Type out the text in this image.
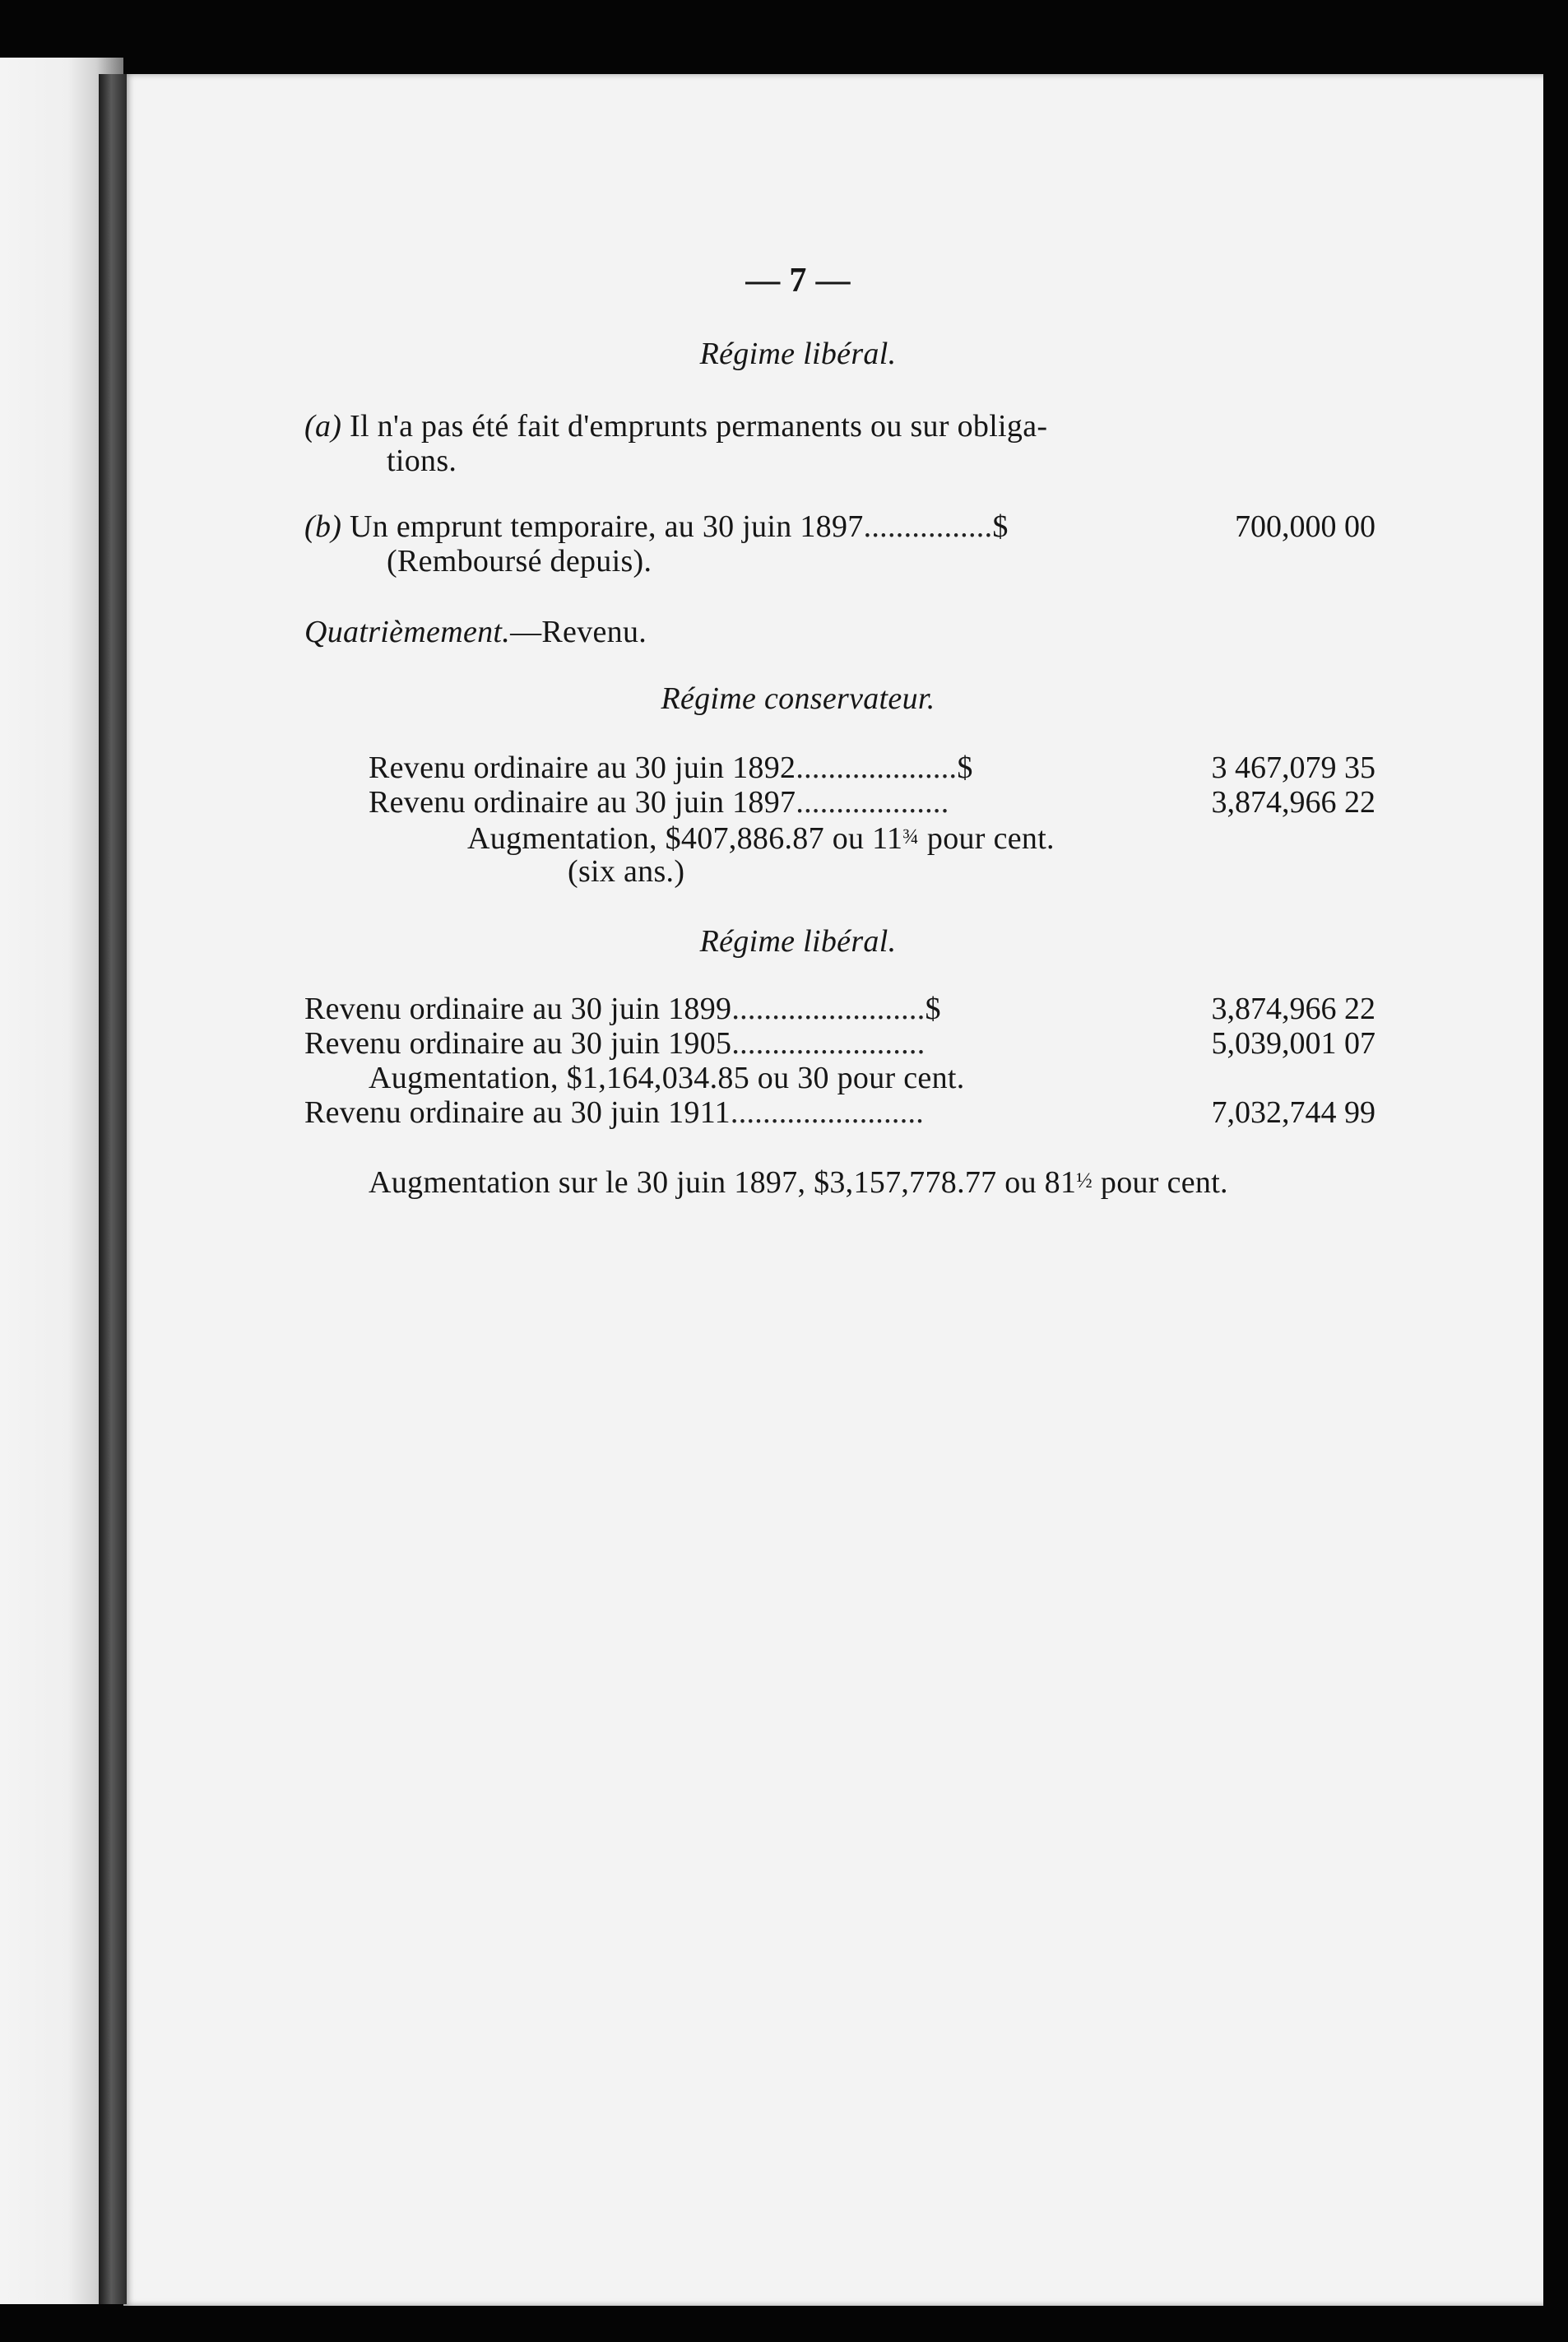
— 7 —
Régime libéral.
(a) Il n'a pas été fait d'emprunts permanents ou sur obliga-
tions.
(b) Un emprunt temporaire, au 30 juin 1897................$	700,000 00
(Remboursé depuis).
Quatrièmement.—Revenu.
Régime conservateur.
Revenu ordinaire au 30 juin 1892....................$	3 467,079 35
Revenu ordinaire au 30 juin 1897...................	3,874,966 22
Augmentation, $407,886.87 ou 11¾ pour cent.
(six ans.)
Régime libéral.
Revenu ordinaire au 30 juin 1899........................$	3,874,966 22
Revenu ordinaire au 30 juin 1905........................	5,039,001 07
Augmentation, $1,164,034.85 ou 30 pour cent.
Revenu ordinaire au 30 juin 1911........................	7,032,744 99
Augmentation sur le 30 juin 1897, $3,157,778.77 ou 81½ pour cent.
